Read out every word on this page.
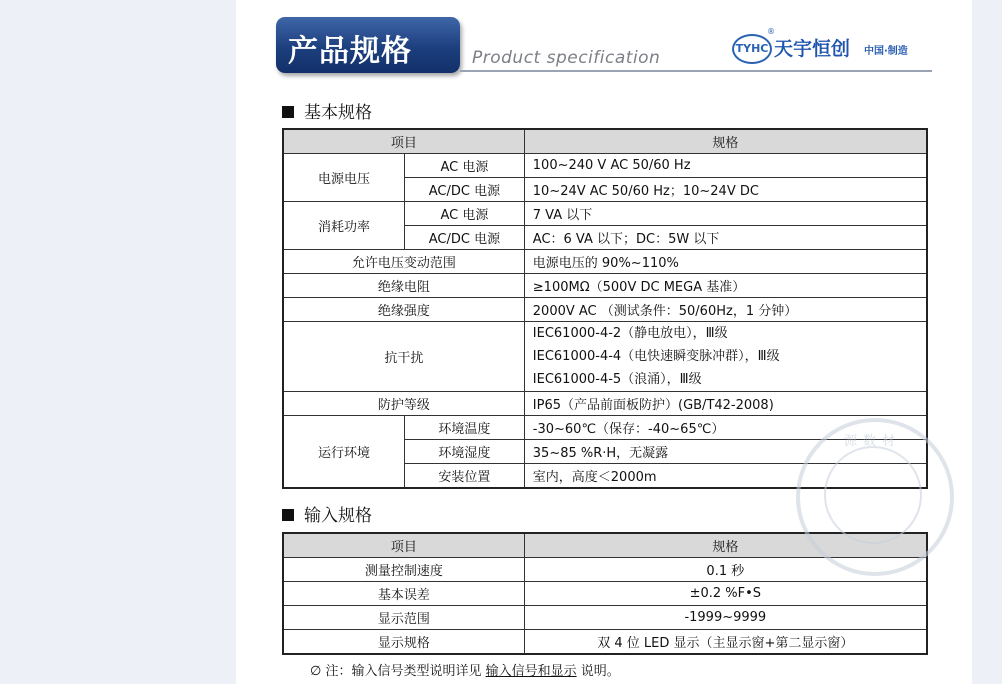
产品规格	Product specification	TYHC
®
天宇恒创 中国·制造
基本规格
项目		规格
电源电压	AC 电源	100~240 V AC 50/60 Hz
	AC/DC 电源	10~24V AC 50/60 Hz；10~24V DC
消耗功率	AC 电源	7 VA 以下
	AC/DC 电源	AC：6 VA 以下；DC：5W 以下
允许电压变动范围		电源电压的 90%~110%
绝缘电阻		≥100MΩ（500V DC MEGA 基准）
绝缘强度		2000V AC （测试条件：50/60Hz，1 分钟）
抗干扰		IEC61000-4-2（静电放电），Ⅲ级
IEC61000-4-4（电快速瞬变脉冲群），Ⅲ级
IEC61000-4-5（浪涌），Ⅲ级

防护等级		IP65（产品前面板防护）(GB/T42-2008)
运行环境	环境温度	-30~60℃（保存：-40~65℃）
	环境湿度	35~85 %R·H，无凝露
	安装位置	室内，高度＜2000m
输入规格
项目	规格
测量控制速度	0.1 秒
基本误差	±0.2 %F•S
显示范围	-1999~9999
显示规格	双 4 位 LED 显示（主显示窗+第二显示窗）
∅ 注：输入信号类型说明详见 输入信号和显示 说明。
源数材
